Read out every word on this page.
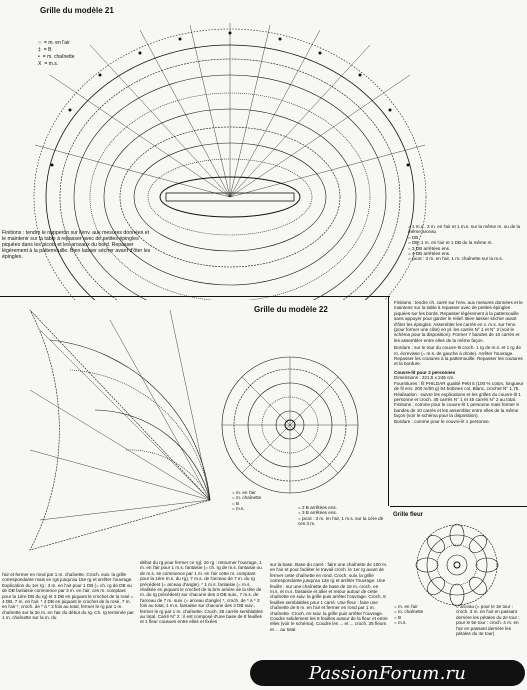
Grille du modèle 21
○ = m. en l'air
‡ = B
• = m. chaînette
X = m.s.
Finitions : tendre le napperon sur l'env. aux mesures données et le maintenir sur la table à repasser avec de petites épingles piquées dans les picots et les arceaux du bord. Repasser légèrement à la pattemouille. Bien laisser sécher avant d'ôter les épingles.
= 1 m.s., 3 m. en l'air et 1 m.s. sur la même m. ou de la même arceau
= DB
= DB, 1 m. en l'air et 1 DB du la même m.
= 3 DB arrêtées ens.
= 4 DB arrêtées ens.
= picot : 3 m. en l'air, 1 m. chaînette sur la m.s.
Grille du modèle 22
= m. en l'air
= m. chaînette
= B
= m.s.	= 2 B arrêtées ens.
= 3 B arrêtées ens.
= picot : 3 m. en l'air, 1 m.s. sur la 1ère de ces 3 m.
Finitions : tendre ch. carré sur l'env. aux mesures données et le maintenir sur la table à repasser avec de petites épingles piquées sur les bords. Repasser légèrement à la pattemouille sans appuyer pour garder le relief. Bien laisser sécher avant d'ôter les épingles. Assembler les carrés en v. m.s. sur l'env. (pour former une côte) en pl. les carrés N° 1 et N° 2 (voir le schéma pour la disposition). Former 7 bandes de 10 carrés et les assembler entre elles de la même façon.
Bordure : sur le tour du couvre-lit croch. 1 rg de m.s. et 1 rg de m. écrevisse (= m.s. de gauche à droite). Arrêter l'ouvrage. Repasser les coutures à la pattemouille. Repasser les coutures et la bordure.
Couvre-lit pour 2 personnes
Dimensions : 221,5 x 246 cm.
Fournitures : fil PHILDAR qualité Petit 5 (100 % coton, longueur de fil env. 200 m/50 g) 94 bobines col. Blanc, crochet N° 1,75.
Réalisation : suivre les explications et les grilles du couvre-lit 1 personne et croch. 45 carrés N° 1 et 45 carrés N° 2 au total.
Finitions : comme pour le couvre-lit 1 personne mais former 9 bandes de 10 carrés et les assembler entre elles de la même façon (voir le schéma pour la disposition).
Bordure : comme pour le couvre-lit 1 personne.
Grille fleur
= m. en l'air
= m. chaînette
= B
= m.s.
= arceau (= pour le 3e tour : croch. 3 m. en l'air en passant derrière les pétales du 2e tour ; pour le 5e tour : croch. 4 m. en l'air en passant derrière les pétales du 4e tour)
l'air et fermer en rond par 1 m. chaînette. Croch. suiv. la grille correspondante mais en rgs jusqu'au 15e rg et arrêter l'ouvrage. Explication du 1er rg : 3 m. en l'air pour 1 DB (= ch. rg de DB ou de DB fantaisie commence par 3 m. en l'air, ces m. comptant pour la 1ère DB du rg) et 3 DB en piquant le crochet de la rosé = 4 DB, 7 m. en l'air, * 4 DB en piquant le crochet de la rosé, 7 m. en l'air *, croch. de * à * 3 fois au total, fermer le rg par 1 m. chaînette sur la 3e m. en l'air du début du rg. Ch. rg terminée par 1 m. chaînette sur la m. du
début du rg pour fermer ce rg). 2e rg : retourner l'ouvrage, 1 m. en l'air pour 1 m.s. fantaisie (= ch. rg de m.s. fantaisie ou de m.s. se commence par 1 m. en l'air cette m. comptant pour la 1ère m.s. du rg), 7 m.s. de l'arceau de 7 m. du rg précédent (= arceau d'angle). * 1 m.s. fantaisie (= m.s. réalisée en piquant le crochet de la brin arrière de la tête de m. du rg précédent) sur chacune des 4 DB suiv., 7 m.s. de l'arceau de 7 m. suiv. (= arceau d'angle) *, croch. de * à * 3 fois au total, 1 m.s. fantaisie sur chacune des 3 DB suiv., fermer le rg par 1 m. chaînette. Croch. 35 carrés semblables au total. Carré N° 2 : il est composé d'une base de 8 feuilles et 1 fleur cousues entre elles et fixées
sur la base. Base du carré : faire une chaînette de 100 m. en l'air et pour faciliter le travail croch. le 1er rg avant de fermer cette chaînette en rond. Croch. suiv. la grille correspondante jusqu'au 12e rg et arrêter l'ouvrage. Une feuille : sur une chaînette de base de 18 m. croch. en m.s. et m.s. fantaisie et aller et retour autour de cette chaînette en suiv. la grille puis arrêter l'ouvrage. Croch. 8 feuilles semblables pour 1 carré. Une fleur : faire une chaînette de 8 m. en l'air et fermer en rond par 1 m. chaînette. Croch. en suiv. la grille puis arrêter l'ouvrage. Coudre solidement les 8 feuilles autour de la fleur et entre elles (voir le schéma). Coudre les ... et ... croch. 35 fleurs et ... au total.
PassionForum.ru
